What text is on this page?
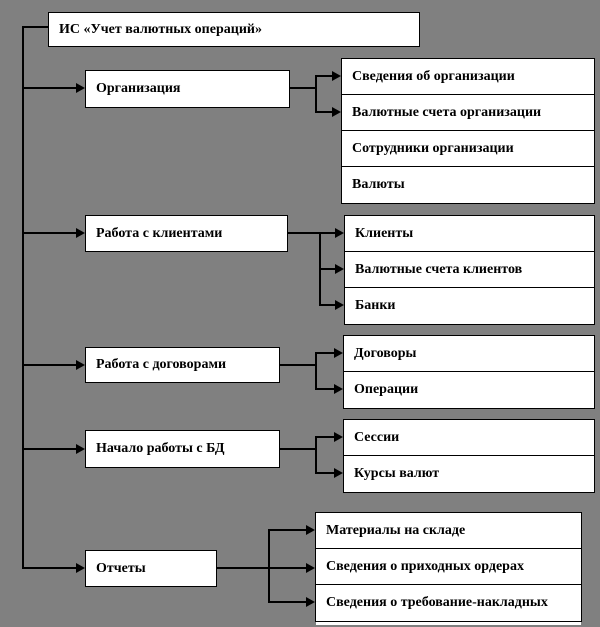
ИС «Учет валютных операций»
Организация
Работа с клиентами
Работа с договорами
Начало работы с БД
Отчеты
Сведения об организации
Валютные счета организации
Сотрудники организации
Валюты
Клиенты
Валютные счета клиентов
Банки
Договоры
Операции
Сессии
Курсы валют
Материалы на складе
Сведения о приходных ордерах
Сведения о требование-накладных
